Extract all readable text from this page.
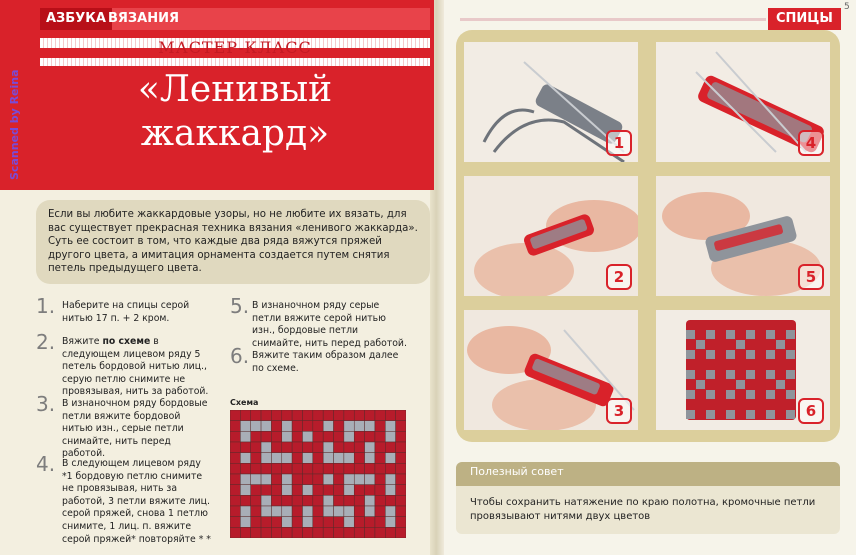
5
АЗБУКА ВЯЗАНИЯ
МАСТЕР-КЛАСС
«Ленивый
жаккард»
Scanned by Reina
Если вы любите жаккардовые узоры, но не любите их вязать, для вас существует прекрасная техника вязания «ленивого жаккарда». Суть ее состоит в том, что каждые два ряда вяжутся пряжей другого цвета, а имитация орнамента создается путем снятия петель предыдущего цвета.
1. Наберите на спицы серой нитью 17 п. + 2 кром.
2. Вяжите по схеме в следующем лицевом ряду 5 петель бордовой нитью лиц., серую петлю снимите не провязывая, нить за работой.
3. В изнаночном ряду бордовые петли вяжите бордовой нитью изн., серые петли снимайте, нить перед работой.
4. В следующем лицевом ряду *1 бордовую петлю снимите не провязывая, нить за работой, 3 петли вяжите лиц. серой пряжей, снова 1 петлю снимите, 1 лиц. п. вяжите серой пряжей* повторяйте * *
5. В изнаночном ряду серые петли вяжите серой нитью изн., бордовые петли снимайте, нить перед работой.
6. Вяжите таким образом далее по схеме.
Схема
СПИЦЫ
1	4
2	5
3	6
Полезный совет
Чтобы сохранить натяжение по краю полотна, кромочные петли провязывают нитями двух цветов
